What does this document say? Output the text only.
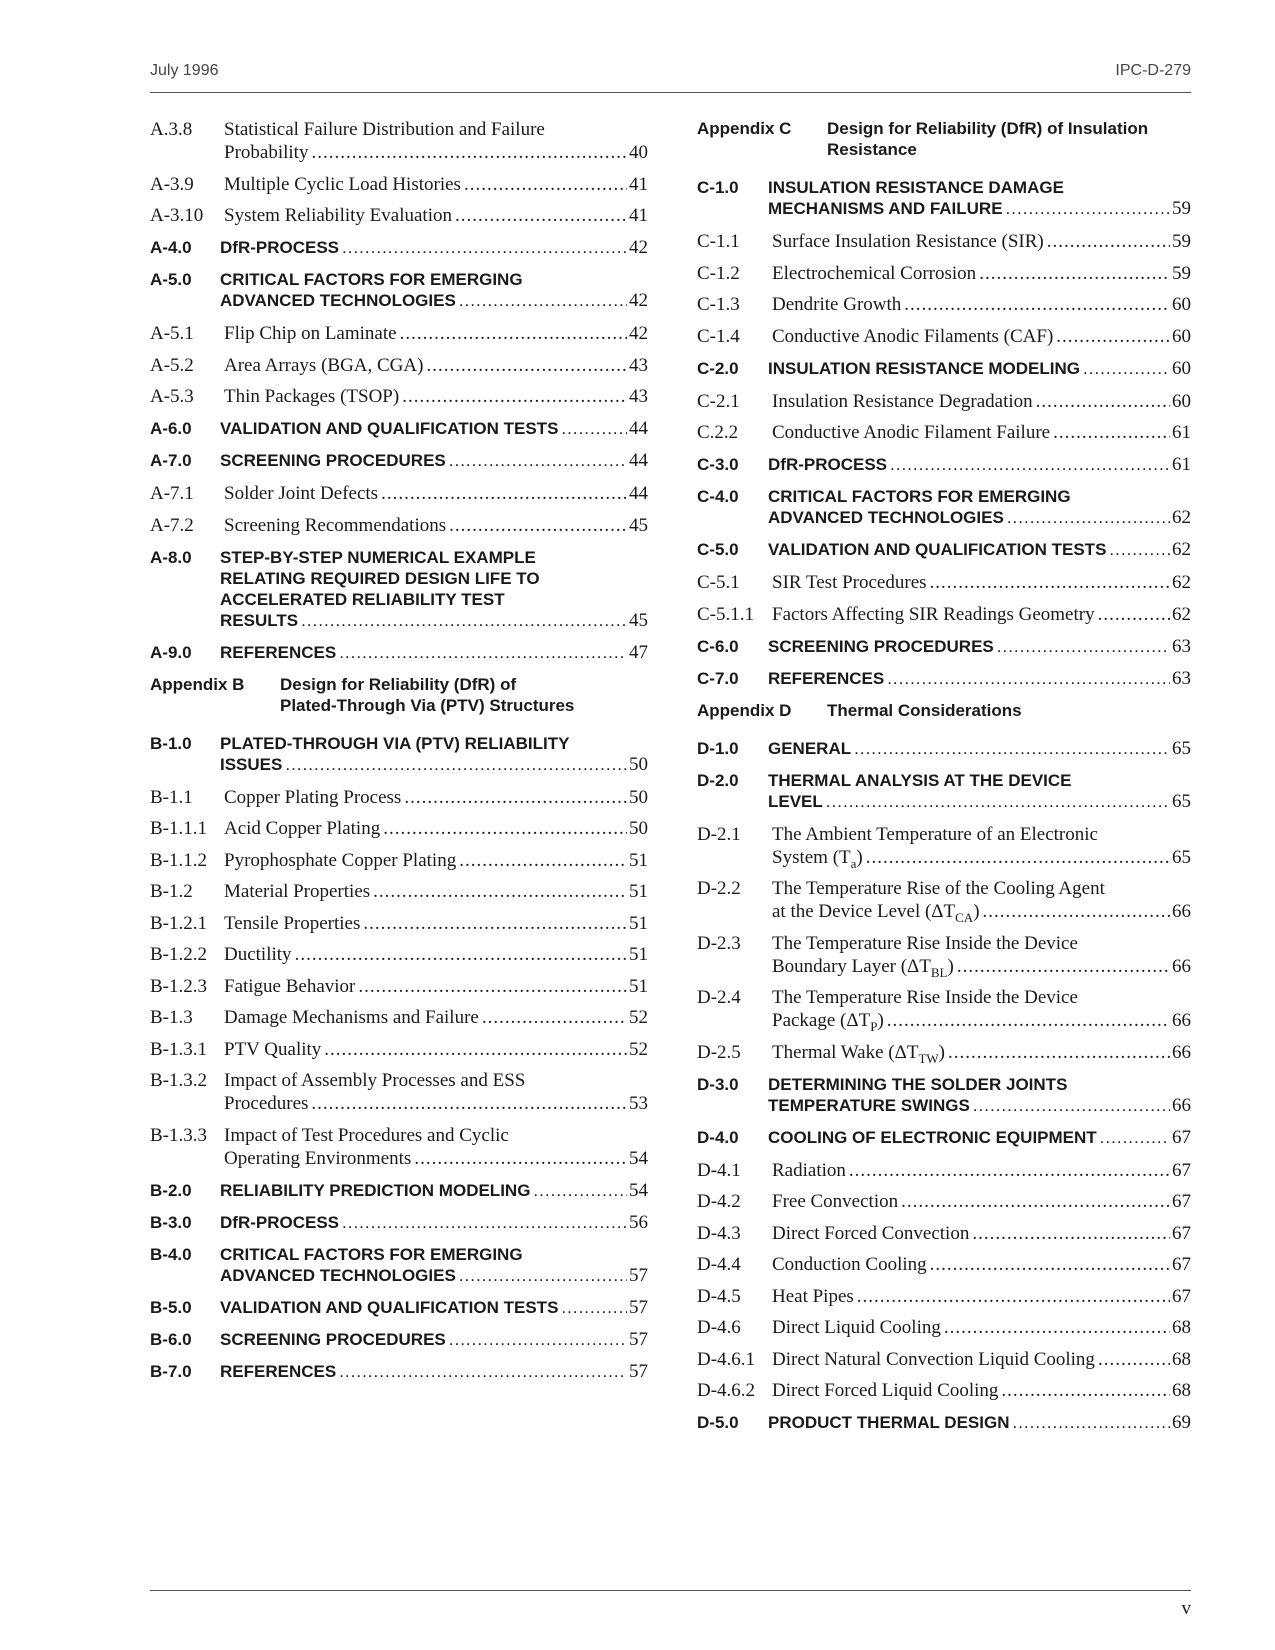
July 1996	IPC-D-279
A.3.8	Statistical Failure Distribution and Failure
Probability .....	40
A-3.9	Multiple Cyclic Load Histories .....	41
A-3.10	System Reliability Evaluation .....	41
A-4.0	DfR-PROCESS .....	42
A-5.0	CRITICAL FACTORS FOR EMERGING
ADVANCED TECHNOLOGIES .....	42
A-5.1	Flip Chip on Laminate .....	42
A-5.2	Area Arrays (BGA, CGA) .....	43
A-5.3	Thin Packages (TSOP) .....	43
A-6.0	VALIDATION AND QUALIFICATION TESTS .....	44
A-7.0	SCREENING PROCEDURES .....	44
A-7.1	Solder Joint Defects .....	44
A-7.2	Screening Recommendations .....	45
A-8.0	STEP-BY-STEP NUMERICAL EXAMPLE
RELATING REQUIRED DESIGN LIFE TO
ACCELERATED RELIABILITY TEST
RESULTS .....	45
A-9.0	REFERENCES .....	47
Appendix B	Design for Reliability (DfR) of
Plated-Through Via (PTV) Structures
B-1.0	PLATED-THROUGH VIA (PTV) RELIABILITY
ISSUES .....	50
B-1.1	Copper Plating Process .....	50
B-1.1.1 Acid Copper Plating .....	50
B-1.1.2 Pyrophosphate Copper Plating .....	51
B-1.2	Material Properties .....	51
B-1.2.1 Tensile Properties .....	51
B-1.2.2 Ductility .....	51
B-1.2.3 Fatigue Behavior .....	51
B-1.3	Damage Mechanisms and Failure .....	52
B-1.3.1 PTV Quality .....	52
B-1.3.2 Impact of Assembly Processes and ESS
Procedures .....	53
B-1.3.3 Impact of Test Procedures and Cyclic
Operating Environments .....	54
B-2.0	RELIABILITY PREDICTION MODELING .....	54
B-3.0	DfR-PROCESS .....	56
B-4.0	CRITICAL FACTORS FOR EMERGING
ADVANCED TECHNOLOGIES .....	57
B-5.0	VALIDATION AND QUALIFICATION TESTS .....	57
B-6.0	SCREENING PROCEDURES .....	57
B-7.0	REFERENCES .....	57
Appendix C	Design for Reliability (DfR) of Insulation
Resistance
C-1.0	INSULATION RESISTANCE DAMAGE
MECHANISMS AND FAILURE .....	59
C-1.1	Surface Insulation Resistance (SIR) .....	59
C-1.2	Electrochemical Corrosion .....	59
C-1.3	Dendrite Growth .....	60
C-1.4	Conductive Anodic Filaments (CAF) .....	60
C-2.0	INSULATION RESISTANCE MODELING .....	60
C-2.1	Insulation Resistance Degradation .....	60
C.2.2	Conductive Anodic Filament Failure .....	61
C-3.0	DfR-PROCESS .....	61
C-4.0	CRITICAL FACTORS FOR EMERGING
ADVANCED TECHNOLOGIES .....	62
C-5.0	VALIDATION AND QUALIFICATION TESTS .....	62
C-5.1	SIR Test Procedures .....	62
C-5.1.1 Factors Affecting SIR Readings Geometry .....	62
C-6.0	SCREENING PROCEDURES .....	63
C-7.0	REFERENCES .....	63
Appendix D	Thermal Considerations
D-1.0	GENERAL .....	65
D-2.0	THERMAL ANALYSIS AT THE DEVICE
LEVEL .....	65
D-2.1	The Ambient Temperature of an Electronic
System $(T_a)$ .....	65
D-2.2	The Temperature Rise of the Cooling Agent
at the Device Level $(\Delta T_{CA})$ .....	66
D-2.3	The Temperature Rise Inside the Device
Boundary Layer $(\Delta T_{BL})$ .....	66
D-2.4	The Temperature Rise Inside the Device
Package $(\Delta T_P)$ .....	66
D-2.5	Thermal Wake $(\Delta T_{TW})$ .....	66
D-3.0	DETERMINING THE SOLDER JOINTS
TEMPERATURE SWINGS .....	66
D-4.0	COOLING OF ELECTRONIC EQUIPMENT .....	67
D-4.1	Radiation .....	67
D-4.2	Free Convection .....	67
D-4.3	Direct Forced Convection .....	67
D-4.4	Conduction Cooling .....	67
D-4.5	Heat Pipes .....	67
D-4.6	Direct Liquid Cooling .....	68
D-4.6.1 Direct Natural Convection Liquid Cooling .....	68
D-4.6.2 Direct Forced Liquid Cooling .....	68
D-5.0	PRODUCT THERMAL DESIGN .....	69
v
